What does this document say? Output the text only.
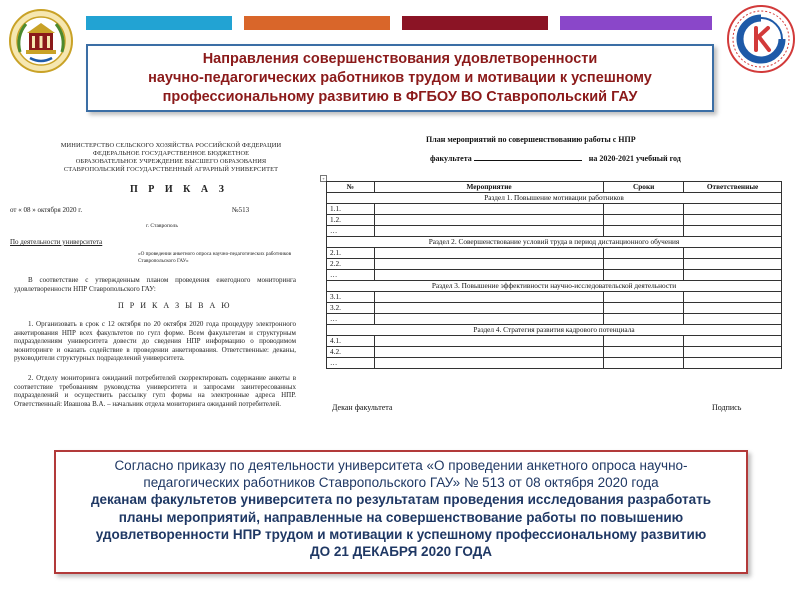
Направления совершенствования удовлетворенности
научно-педагогических работников трудом и мотивации к успешному
профессиональному развитию в ФГБОУ ВО Ставропольский ГАУ
МИНИСТЕРСТВО СЕЛЬСКОГО ХОЗЯЙСТВА РОССИЙСКОЙ ФЕДЕРАЦИИ
ФЕДЕРАЛЬНОЕ ГОСУДАРСТВЕННОЕ БЮДЖЕТНОЕ
ОБРАЗОВАТЕЛЬНОЕ УЧРЕЖДЕНИЕ ВЫСШЕГО ОБРАЗОВАНИЯ
СТАВРОПОЛЬСКИЙ ГОСУДАРСТВЕННЫЙ АГРАРНЫЙ УНИВЕРСИТЕТ
П Р И К А З
от « 08 » октября 2020 г.	№513
г. Ставрополь
По деятельности университета
«О проведении анкетного опроса научно-педагогических работников Ставропольского ГАУ»
В соответствие с утвержденным планом проведения ежегодного мониторинга удовлетворенности НПР Ставропольского ГАУ:
П Р И К А З Ы В А Ю
1. Организовать в срок с 12 октября по 20 октября 2020 года процедуру электронного анкетирования НПР всех факультетов по гугл форме. Всем факультетам и структурным подразделениям университета довести до сведения НПР информацию о проводимом мониторинге и оказать содействие в проведении анкетирования. Ответственные: деканы, руководители структурных подразделений университета.
2. Отделу мониторинга ожиданий потребителей скорректировать содержание анкеты в соответствие требованиям руководства университета и запросами заинтересованных подразделений и осуществить рассылку гугл формы на электронные адреса НПР. Ответственный: Ивашова В.А. – начальник отдела мониторинга ожиданий потребителей.
План мероприятий по совершенствованию работы с НПР
факультета	на 2020-2021 учебный год
+
№	Мероприятие	Сроки	Ответственные
Раздел 1. Повышение мотивации работников			
1.1.			
1.2.			
…			
Раздел 2. Совершенствование условий труда в период дистанционного обучения			
2.1.			
2.2.			
…			
Раздел 3. Повышение эффективности научно-исследовательской деятельности			
3.1.			
3.2.			
…			
Раздел 4. Стратегия развития кадрового потенциала			
4.1.			
4.2.			
…			
Декан факультета	Подпись
Согласно приказу по деятельности университета «О проведении анкетного опроса научно-
педагогических работников Ставропольского ГАУ» № 513 от 08 октября 2020 года
деканам факультетов университета по результатам проведения исследования разработать
планы мероприятий, направленные на совершенствование работы по повышению
удовлетворенности НПР трудом и мотивации к успешному профессиональному развитию
ДО 21 ДЕКАБРЯ 2020 ГОДА
